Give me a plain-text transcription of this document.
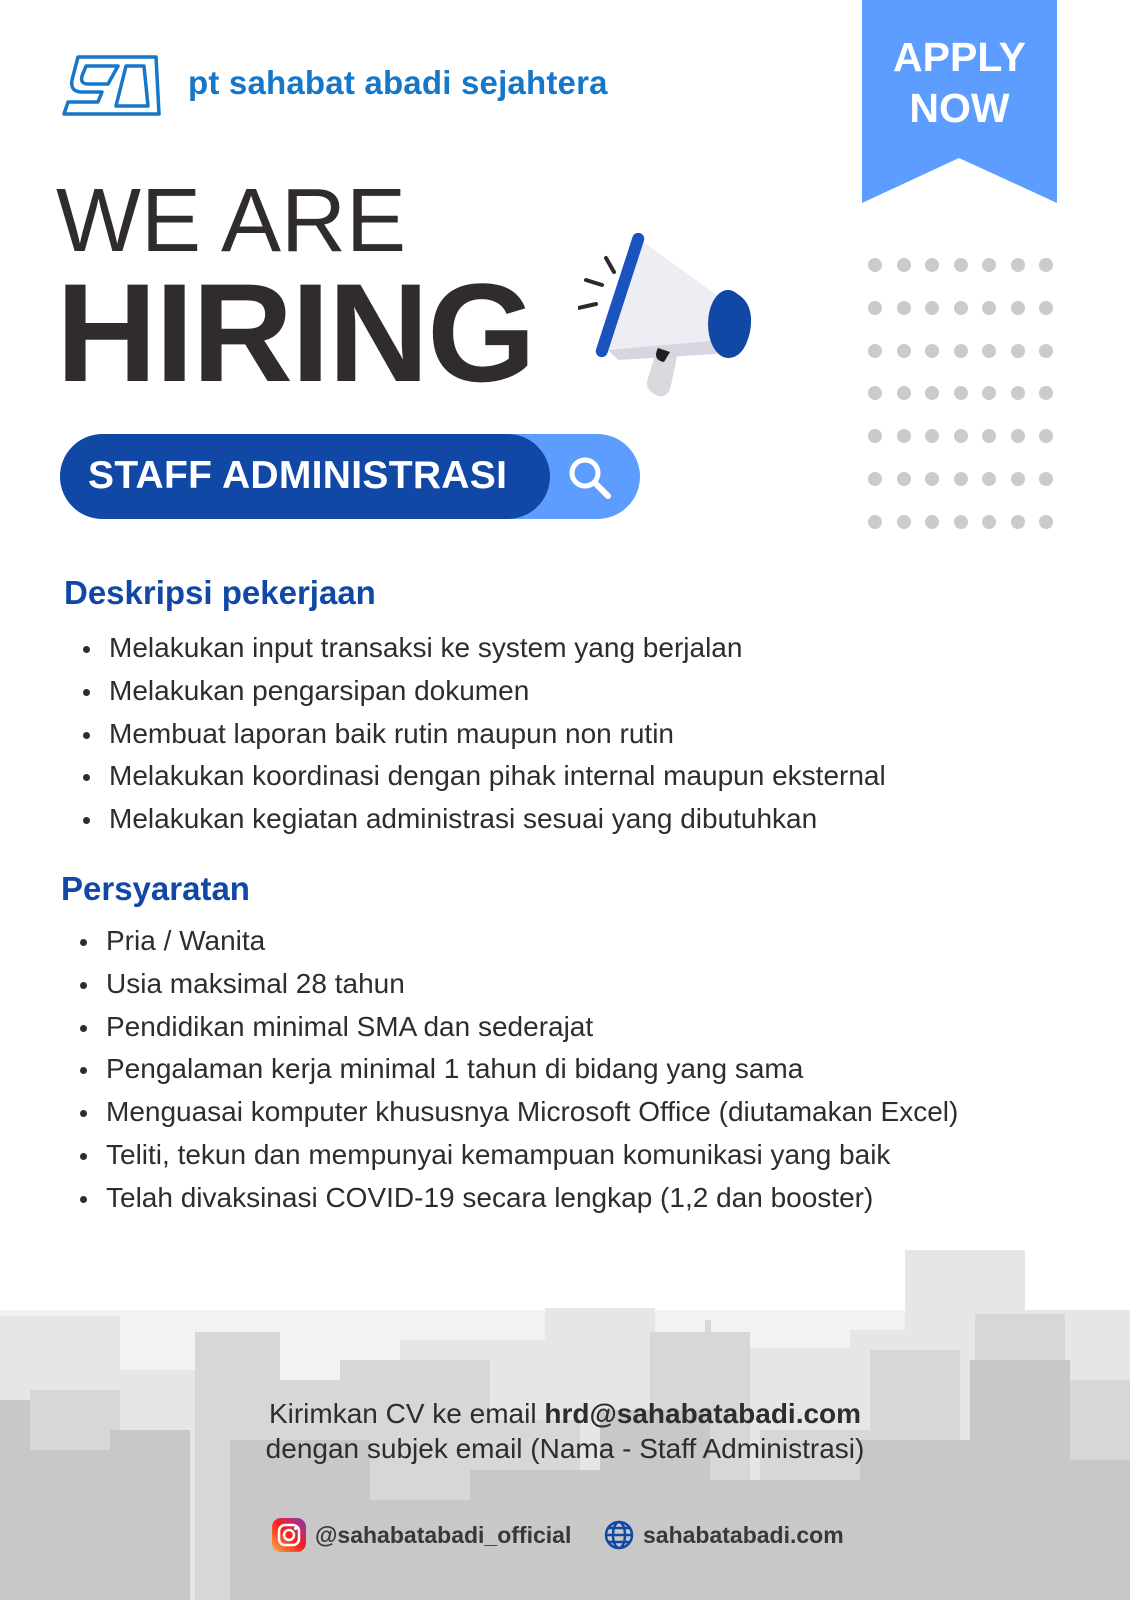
pt sahabat abadi sejahtera
APPLY
NOW
WE ARE
HIRING
STAFF ADMINISTRASI
Deskripsi pekerjaan
Melakukan input transaksi ke system yang berjalan
Melakukan pengarsipan dokumen
Membuat laporan baik rutin maupun non rutin
Melakukan koordinasi dengan pihak internal maupun eksternal
Melakukan kegiatan administrasi sesuai yang dibutuhkan
Persyaratan
Pria / Wanita
Usia maksimal 28 tahun
Pendidikan minimal SMA dan sederajat
Pengalaman kerja minimal 1 tahun di bidang yang sama
Menguasai komputer khususnya Microsoft Office (diutamakan Excel)
Teliti, tekun dan mempunyai kemampuan komunikasi yang baik
Telah divaksinasi COVID-19 secara lengkap (1,2 dan booster)
Kirimkan CV ke email hrd@sahabatabadi.com
dengan subjek email (Nama - Staff Administrasi)
@sahabatabadi_official	sahabatabadi.com
